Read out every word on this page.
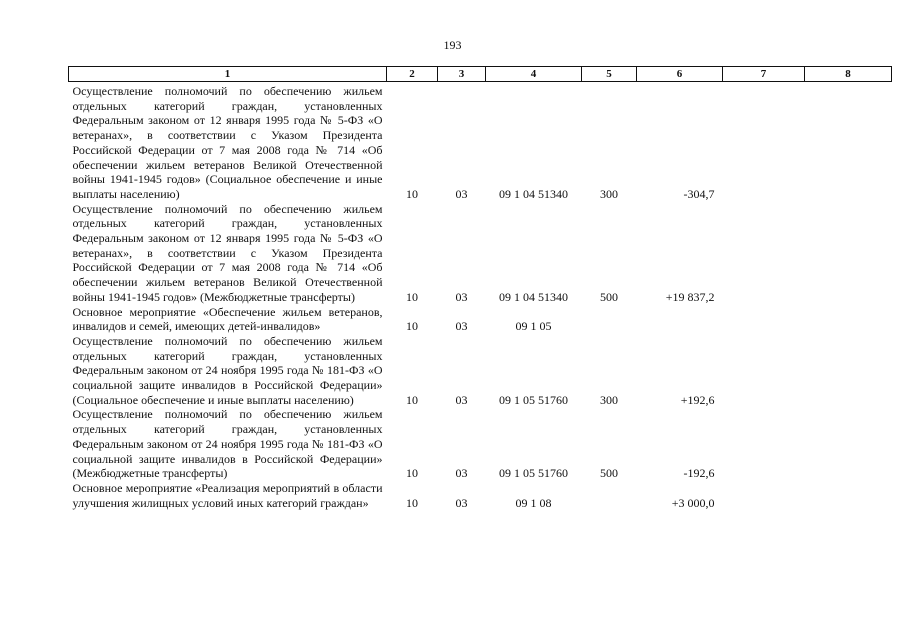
193
1	2	3	4	5	6	7	8
Осуществление полномочий по обеспечению жильем отдельных категорий граждан, установленных Федеральным законом от 12 января 1995 года № 5-ФЗ «О ветеранах», в соответствии с Указом Президента Российской Федерации от 7 мая 2008 года № 714 «Об обеспечении жильем ветеранов Великой Отечественной войны 1941-1945 годов» (Социальное обеспечение и иные выплаты населению)	10	03	09 1 04 51340	300	-304,7		
Осуществление полномочий по обеспечению жильем отдельных категорий граждан, установленных Федеральным законом от 12 января 1995 года № 5-ФЗ «О ветеранах», в соответствии с Указом Президента Российской Федерации от 7 мая 2008 года № 714 «Об обеспечении жильем ветеранов Великой Отечественной войны 1941-1945 годов» (Межбюджетные трансферты)	10	03	09 1 04 51340	500	+19 837,2		
Основное мероприятие «Обеспечение жильем ветеранов, инвалидов и семей, имеющих детей-инвалидов»	10	03	09 1 05				
Осуществление полномочий по обеспечению жильем отдельных категорий граждан, установленных Федеральным законом от 24 ноября 1995 года № 181-ФЗ «О социальной защите инвалидов в Российской Федерации» (Социальное обеспечение и иные выплаты населению)	10	03	09 1 05 51760	300	+192,6		
Осуществление полномочий по обеспечению жильем отдельных категорий граждан, установленных Федеральным законом от 24 ноября 1995 года № 181-ФЗ «О социальной защите инвалидов в Российской Федерации» (Межбюджетные трансферты)	10	03	09 1 05 51760	500	-192,6		
Основное мероприятие «Реализация мероприятий в области улучшения жилищных условий иных категорий граждан»	10	03	09 1 08		+3 000,0		
